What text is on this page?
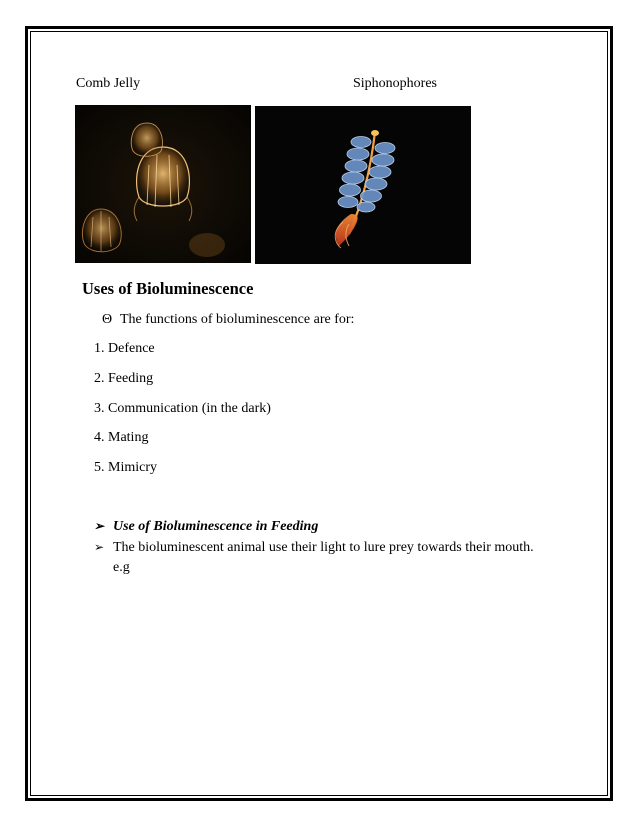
Comb Jelly	Siphonophores
Uses of Bioluminescence
Θ The functions of bioluminescence are for:
1. Defence
2. Feeding
3. Communication (in the dark)
4. Mating
5. Mimicry
➢ Use of Bioluminescence in Feeding
➢ The bioluminescent animal use their light to lure prey towards their mouth.
e.g
